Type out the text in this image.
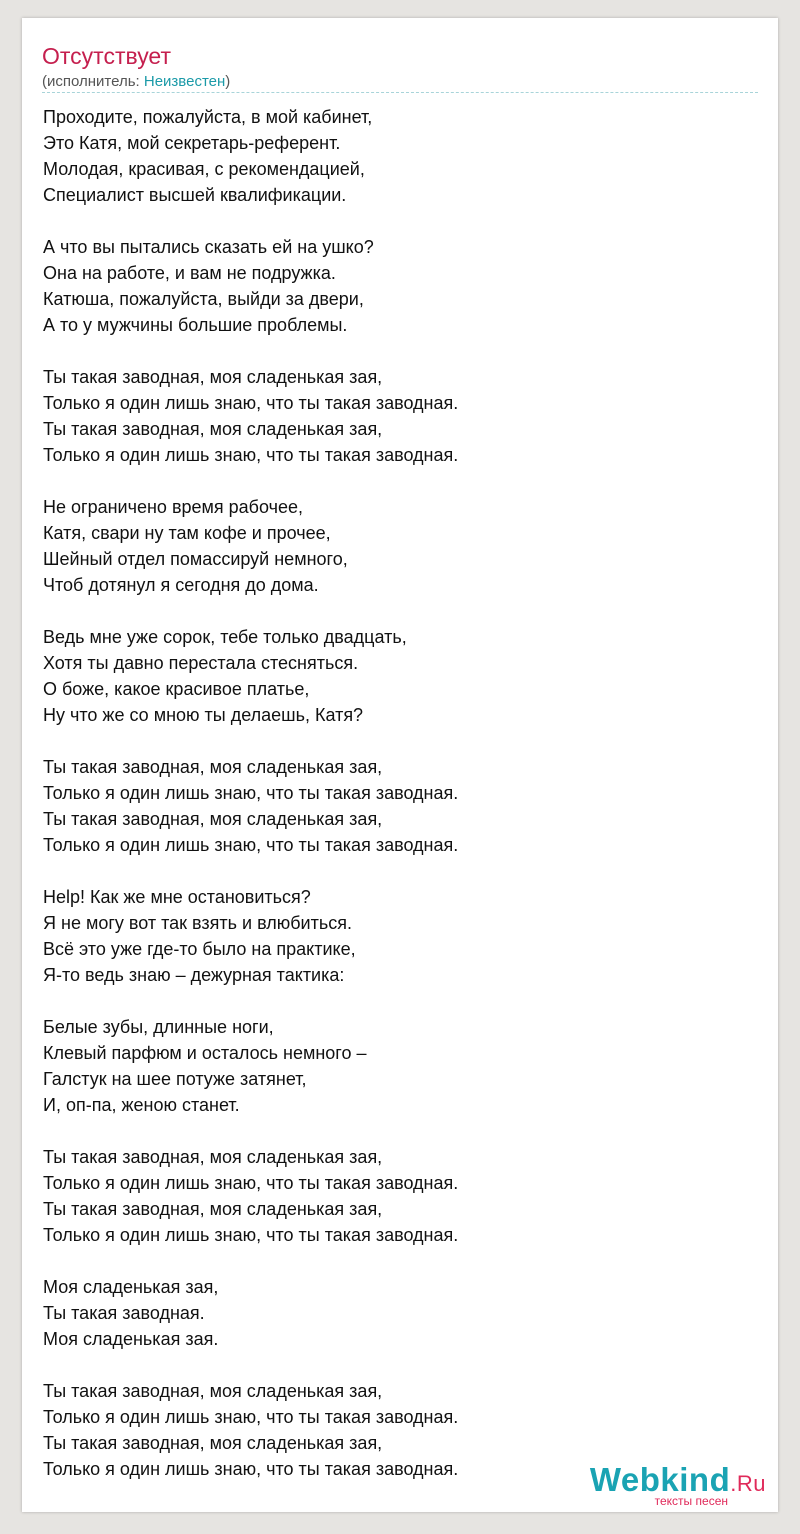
Отсутствует
(исполнитель: Неизвестен)
Проходите, пожалуйста, в мой кабинет,
Это Катя, мой секретарь-референт.
Молодая, красивая, с рекомендацией,
Специалист высшей квалификации.
А что вы пытались сказать ей на ушко?
Она на работе, и вам не подружка.
Катюша, пожалуйста, выйди за двери,
А то у мужчины большие проблемы.
Ты такая заводная, моя сладенькая зая,
Только я один лишь знаю, что ты такая заводная.
Ты такая заводная, моя сладенькая зая,
Только я один лишь знаю, что ты такая заводная.
Не ограничено время рабочее,
Катя, свари ну там кофе и прочее,
Шейный отдел помассируй немного,
Чтоб дотянул я сегодня до дома.
Ведь мне уже сорок, тебе только двадцать,
Хотя ты давно перестала стесняться.
О боже, какое красивое платье,
Ну что же со мною ты делаешь, Катя?
Ты такая заводная, моя сладенькая зая,
Только я один лишь знаю, что ты такая заводная.
Ты такая заводная, моя сладенькая зая,
Только я один лишь знаю, что ты такая заводная.
Help! Как же мне остановиться?
Я не могу вот так взять и влюбиться.
Всё это уже где-то было на практике,
Я-то ведь знаю – дежурная тактика:
Белые зубы, длинные ноги,
Клевый парфюм и осталось немного –
Галстук на шее потуже затянет,
И, оп-па, женою станет.
Ты такая заводная, моя сладенькая зая,
Только я один лишь знаю, что ты такая заводная.
Ты такая заводная, моя сладенькая зая,
Только я один лишь знаю, что ты такая заводная.
Моя сладенькая зая,
Ты такая заводная.
Моя сладенькая зая.
Ты такая заводная, моя сладенькая зая,
Только я один лишь знаю, что ты такая заводная.
Ты такая заводная, моя сладенькая зая,
Только я один лишь знаю, что ты такая заводная.	Webkind.Ru
тексты песен
